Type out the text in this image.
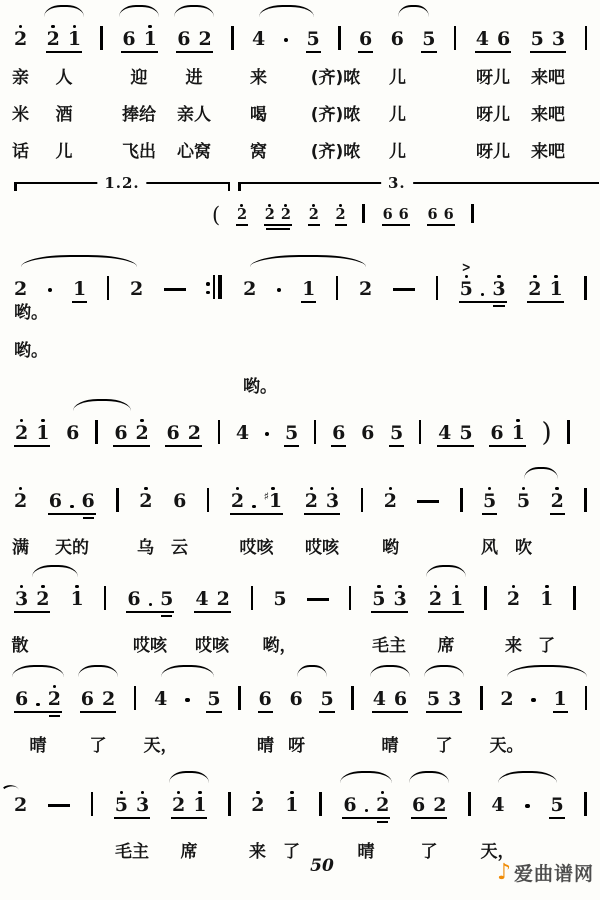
2 2 1 6 1 6 2 4 5 6 6 5 4 6 5 3
亲 人	迎 进	来	(齐)哝 儿	呀儿 来吧
米 酒	捧给 亲人 喝	(齐)哝 儿	呀儿 来吧
话 儿	飞出 心窝 窝	(齐)哝 儿	呀儿 来吧
1.2.	3.
( 2 2 2 2 2	6 6 6 6
2 1 2	2 1 2	5
>
3 2 1
哟。
哟。
哟。
2 1 6 6 2 6 2 4 5 6 6 5 4 5 6 1 )
2 6 6 2 6 2 ♯ 1 2 3 2	5 5 2
满 天的	乌 云	哎咳 哎咳	哟	风 吹
3 2 1 6 5 4 2 5	5 3 2 1 2 1
散	哎咳 哎咳 哟，	毛主 席	来 了
6 2 6 2 4 5 6 6 5 4 6 5 3 2 1
晴	了 天，	晴 呀	晴 了 天。
2	5 3 2 1 2 1 6 2 6 2 4 5
毛主 席	来 了	晴	了	天，
50	♪ 爱曲谱网
